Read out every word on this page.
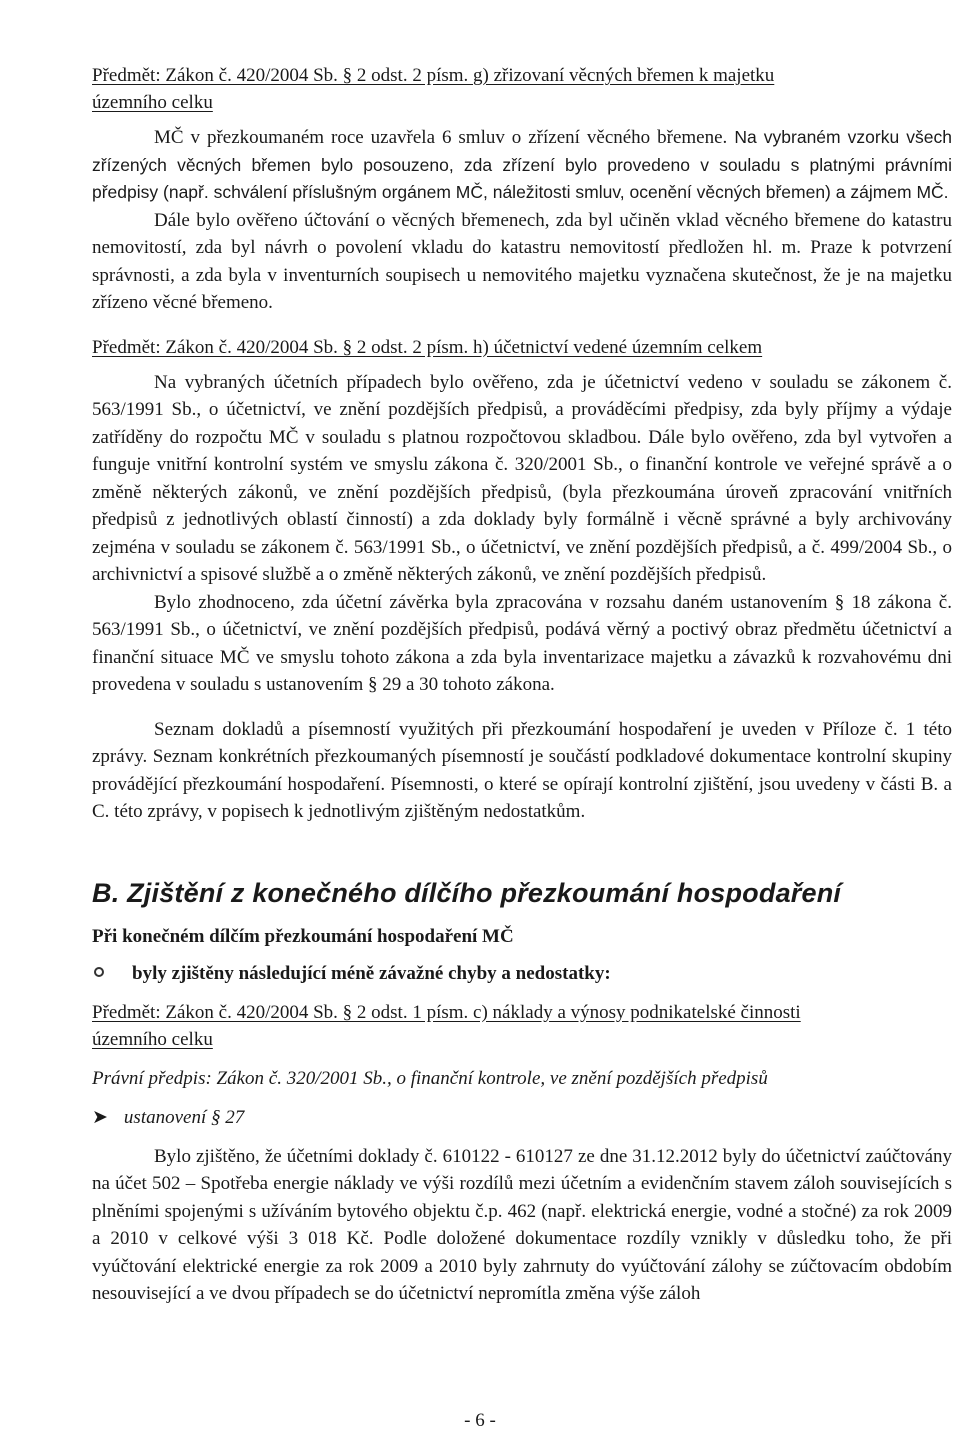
Předmět: Zákon č. 420/2004 Sb. § 2 odst. 2 písm. g) zřizovaní věcných břemen k majetku
územního celku

MČ v přezkoumaném roce uzavřela 6 smluv o zřízení věcného břemene. Na vybraném vzorku všech zřízených věcných břemen bylo posouzeno, zda zřízení bylo provedeno v souladu s platnými právními předpisy (např. schválení příslušným orgánem MČ, náležitosti smluv, ocenění věcných břemen) a zájmem MČ.

Dále bylo ověřeno účtování o věcných břemenech, zda byl učiněn vklad věcného břemene do katastru nemovitostí, zda byl návrh o povolení vkladu do katastru nemovitostí předložen hl. m. Praze k potvrzení správnosti, a zda byla v inventurních soupisech u nemovitého majetku vyznačena skutečnost, že je na majetku zřízeno věcné břemeno.

Předmět: Zákon č. 420/2004 Sb. § 2 odst. 2 písm. h) účetnictví vedené územním celkem

Na vybraných účetních případech bylo ověřeno, zda je účetnictví vedeno v souladu se zákonem č. 563/1991 Sb., o účetnictví, ve znění pozdějších předpisů, a prováděcími předpisy, zda byly příjmy a výdaje zatříděny do rozpočtu MČ v souladu s platnou rozpočtovou skladbou. Dále bylo ověřeno, zda byl vytvořen a funguje vnitřní kontrolní systém ve smyslu zákona č. 320/2001 Sb., o finanční kontrole ve veřejné správě a o změně některých zákonů, ve znění pozdějších předpisů, (byla přezkoumána úroveň zpracování vnitřních předpisů z jednotlivých oblastí činností) a zda doklady byly formálně i věcně správné a byly archivovány zejména v souladu se zákonem č. 563/1991 Sb., o účetnictví, ve znění pozdějších předpisů, a č. 499/2004 Sb., o archivnictví a spisové službě a o změně některých zákonů, ve znění pozdějších předpisů.

Bylo zhodnoceno, zda účetní závěrka byla zpracována v rozsahu daném ustanovením § 18 zákona č. 563/1991 Sb., o účetnictví, ve znění pozdějších předpisů, podává věrný a poctivý obraz předmětu účetnictví a finanční situace MČ ve smyslu tohoto zákona a zda byla inventarizace majetku a závazků k rozvahovému dni provedena v souladu s ustanovením § 29 a 30 tohoto zákona.

Seznam dokladů a písemností využitých při přezkoumání hospodaření je uveden v Příloze č. 1 této zprávy. Seznam konkrétních přezkoumaných písemností je součástí podkladové dokumentace kontrolní skupiny provádějící přezkoumání hospodaření. Písemnosti, o které se opírají kontrolní zjištění, jsou uvedeny v části B. a C. této zprávy, v popisech k jednotlivým zjištěným nedostatkům.

B. Zjištění z konečného dílčího přezkoumání hospodaření
Při konečném dílčím přezkoumání hospodaření MČ
byly zjištěny následující méně závažné chyby a nedostatky:
Předmět: Zákon č. 420/2004 Sb. § 2 odst. 1 písm. c) náklady a výnosy podnikatelské činnosti
územního celku
Právní předpis: Zákon č. 320/2001 Sb., o finanční kontrole, ve znění pozdějších předpisů
➤ ustanovení § 27

Bylo zjištěno, že účetními doklady č. 610122 - 610127 ze dne 31.12.2012 byly do účetnictví zaúčtovány na účet 502 – Spotřeba energie náklady ve výši rozdílů mezi účetním a evidenčním stavem záloh souvisejících s plněními spojenými s užíváním bytového objektu č.p. 462 (např. elektrická energie, vodné a stočné) za rok 2009 a 2010 v celkové výši 3 018 Kč. Podle doložené dokumentace rozdíly vznikly v důsledku toho, že při vyúčtování elektrické energie za rok 2009 a 2010 byly zahrnuty do vyúčtování zálohy se zúčtovacím obdobím nesouvisející a ve dvou případech se do účetnictví nepromítla změna výše záloh

- 6 -
